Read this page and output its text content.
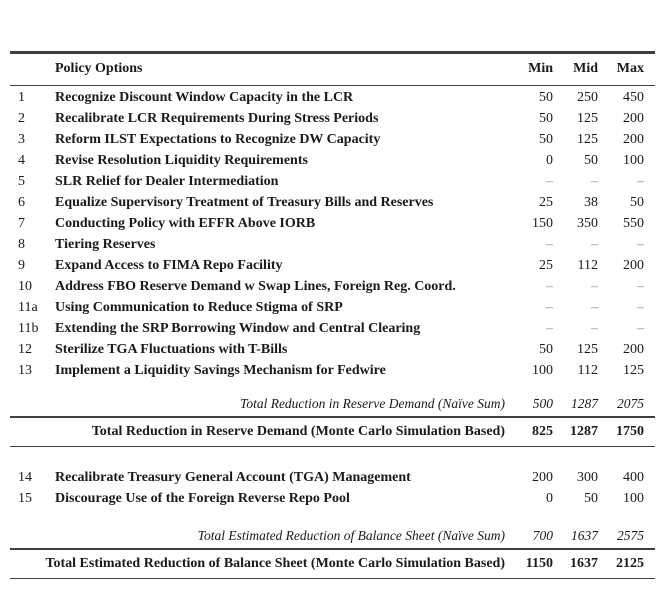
Policy Options	Min	Mid	Max
1	Recognize Discount Window Capacity in the LCR	50	250	450
2	Recalibrate LCR Requirements During Stress Periods	50	125	200
3	Reform ILST Expectations to Recognize DW Capacity	50	125	200
4	Revise Resolution Liquidity Requirements	0	50	100
5	SLR Relief for Dealer Intermediation	–	–	–
6	Equalize Supervisory Treatment of Treasury Bills and Reserves	25	38	50
7	Conducting Policy with EFFR Above IORB	150	350	550
8	Tiering Reserves	–	–	–
9	Expand Access to FIMA Repo Facility	25	112	200
10	Address FBO Reserve Demand w Swap Lines, Foreign Reg. Coord.	–	–	–
11a	Using Communication to Reduce Stigma of SRP	–	–	–
11b	Extending the SRP Borrowing Window and Central Clearing	–	–	–
12	Sterilize TGA Fluctuations with T-Bills	50	125	200
13	Implement a Liquidity Savings Mechanism for Fedwire	100	112	125
Total Reduction in Reserve Demand (Naïve Sum)	500	1287	2075
Total Reduction in Reserve Demand (Monte Carlo Simulation Based)	825	1287	1750
14	Recalibrate Treasury General Account (TGA) Management	200	300	400
15	Discourage Use of the Foreign Reverse Repo Pool	0	50	100
Total Estimated Reduction of Balance Sheet (Naïve Sum)	700	1637	2575
Total Estimated Reduction of Balance Sheet (Monte Carlo Simulation Based)	1150	1637	2125
